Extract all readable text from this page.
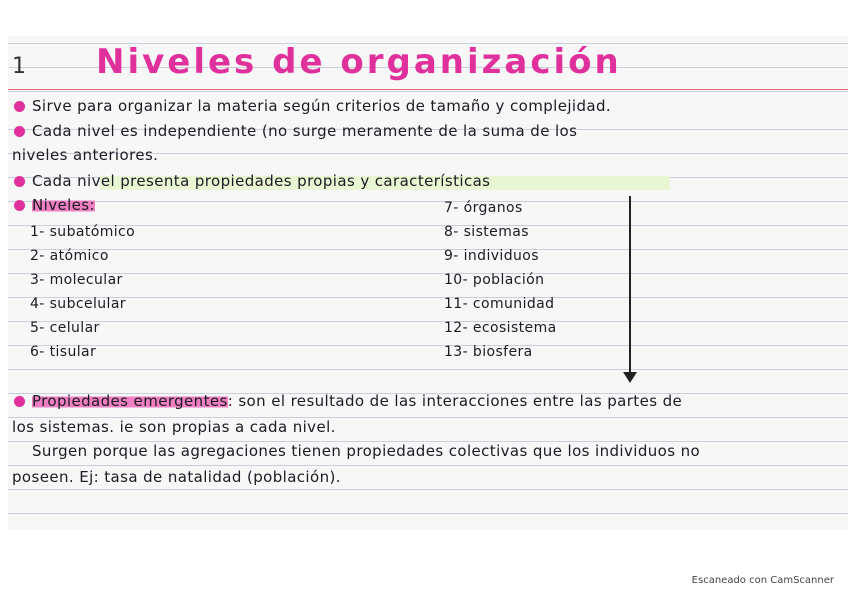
1 Niveles de organización
Sirve para organizar la materia según criterios de tamaño y complejidad.
Cada nivel es independiente (no surge meramente de la suma de los
niveles anteriores.
Cada nivel presenta propiedades propias y características
Niveles:
1- subatómico
2- atómico
3- molecular
4- subcelular
5- celular
6- tisular
7- órganos
8- sistemas
9- individuos
10- población
11- comunidad
12- ecosistema
13- biosfera
Propiedades emergentes: son el resultado de las interacciones entre las partes de
los sistemas. ie son propias a cada nivel.
Surgen porque las agregaciones tienen propiedades colectivas que los individuos no
poseen. Ej: tasa de natalidad (población).
Escaneado con CamScanner
